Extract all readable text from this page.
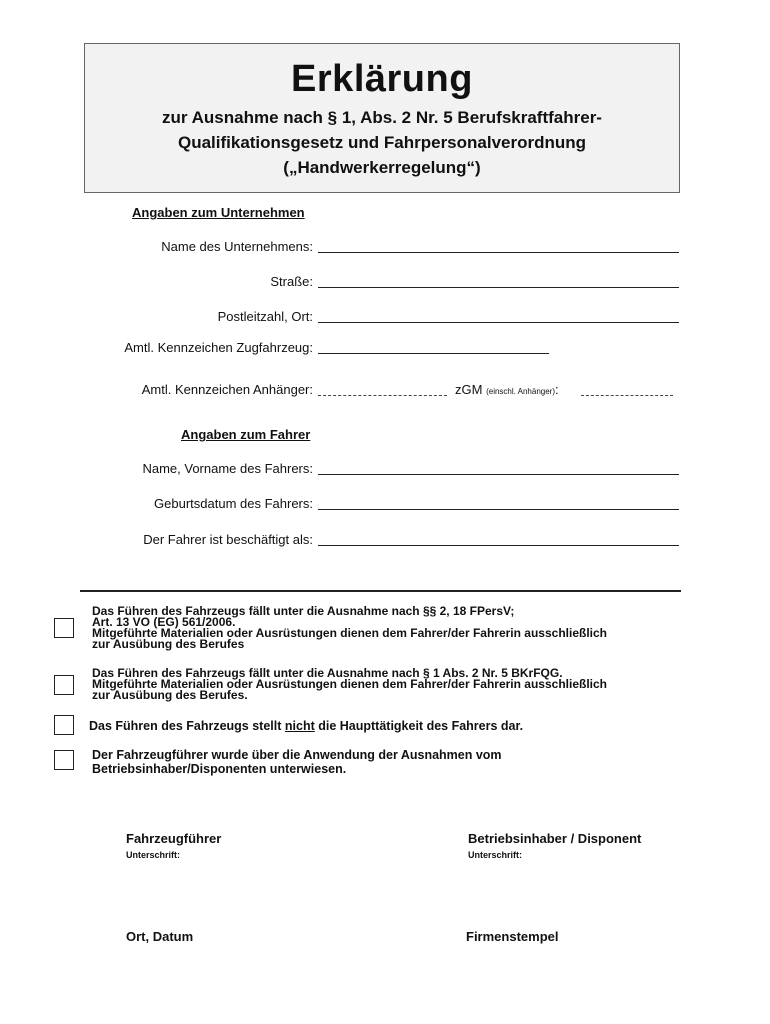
Erklärung
zur Ausnahme nach § 1, Abs. 2 Nr. 5 Berufskraftfahrer-
Qualifikationsgesetz und Fahrpersonalverordnung
(„Handwerkerregelung“)
Angaben zum Unternehmen
Name des Unternehmens:
Straße:
Postleitzahl, Ort:
Amtl. Kennzeichen Zugfahrzeug:
Amtl. Kennzeichen Anhänger:	zGM (einschl. Anhänger):
Angaben zum Fahrer
Name, Vorname des Fahrers:
Geburtsdatum des Fahrers:
Der Fahrer ist beschäftigt als:
Das Führen des Fahrzeugs fällt unter die Ausnahme nach §§ 2, 18 FPersV;
Art. 13 VO (EG) 561/2006.
Mitgeführte Materialien oder Ausrüstungen dienen dem Fahrer/der Fahrerin ausschließlich
zur Ausübung des Berufes
Das Führen des Fahrzeugs fällt unter die Ausnahme nach § 1 Abs. 2 Nr. 5 BKrFQG.
Mitgeführte Materialien oder Ausrüstungen dienen dem Fahrer/der Fahrerin ausschließlich
zur Ausübung des Berufes.
Das Führen des Fahrzeugs stellt nicht die Haupttätigkeit des Fahrers dar.
Der Fahrzeugführer wurde über die Anwendung der Ausnahmen vom
Betriebsinhaber/Disponenten unterwiesen.
Fahrzeugführer
Unterschrift:
Betriebsinhaber / Disponent
Unterschrift:
Ort, Datum	Firmenstempel
